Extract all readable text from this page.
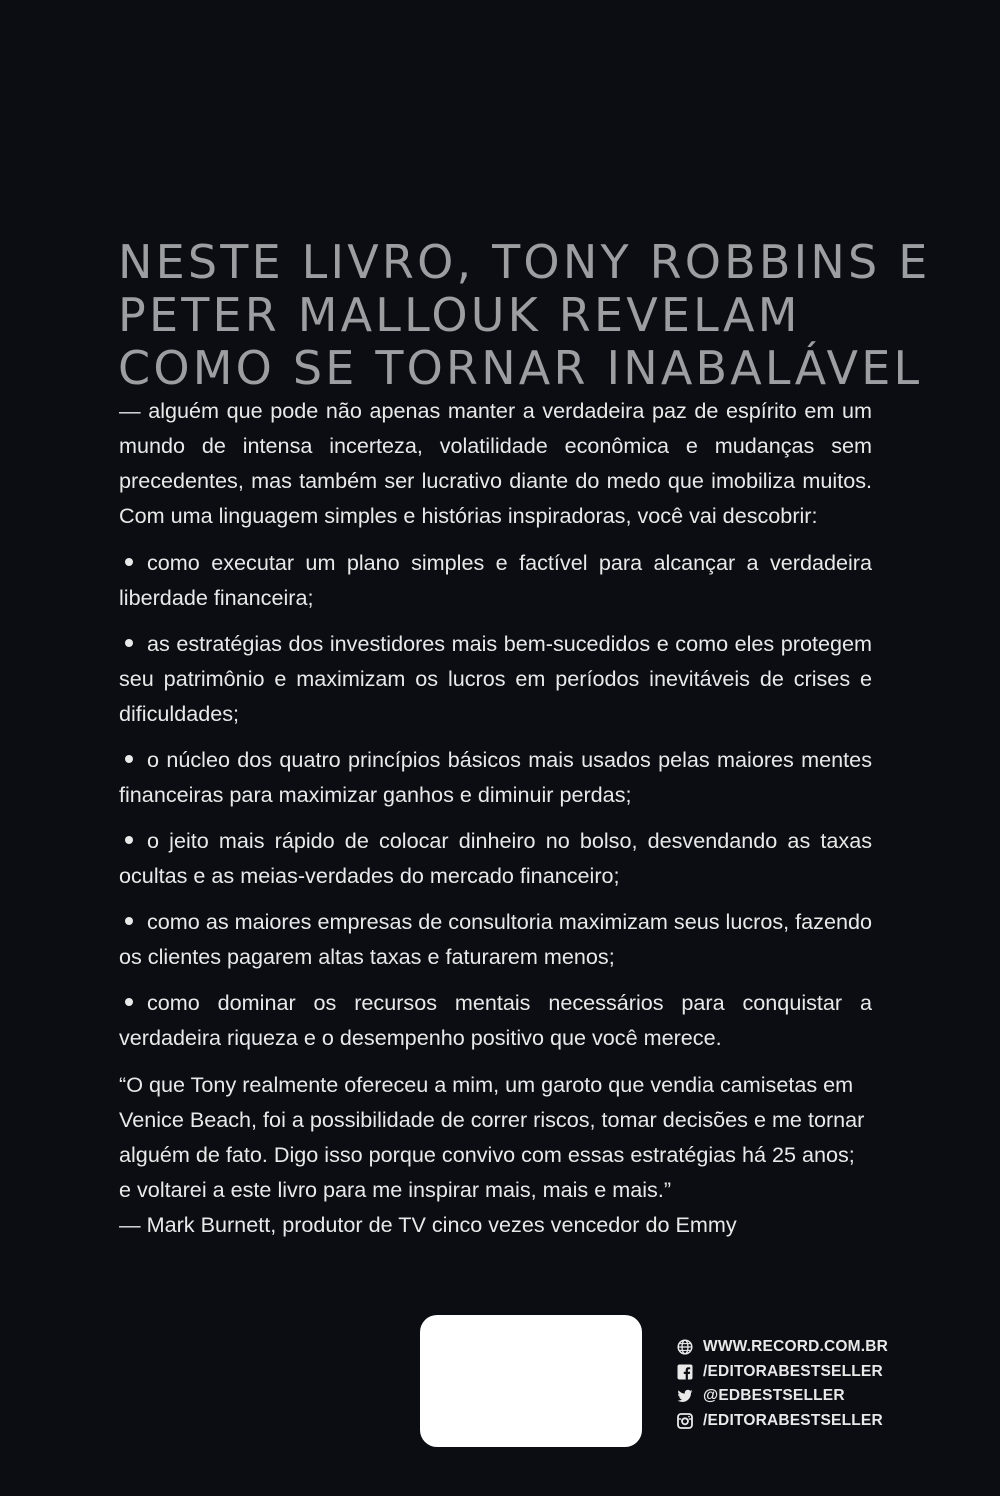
NESTE LIVRO, TONY ROBBINS E
PETER MALLOUK REVELAM
COMO SE TORNAR INABALÁVEL

— alguém que pode não apenas manter a verdadeira paz de espírito em um mundo de intensa incerteza, volatilidade econômica e mudanças sem precedentes, mas também ser lucrativo diante do medo que imobiliza muitos. Com uma linguagem simples e histórias inspiradoras, você vai descobrir:

como executar um plano simples e factível para alcançar a verdadeira liberdade financeira;
as estratégias dos investidores mais bem-sucedidos e como eles protegem seu patrimônio e maximizam os lucros em períodos inevitáveis de crises e dificuldades;
o núcleo dos quatro princípios básicos mais usados pelas maiores mentes financeiras para maximizar ganhos e diminuir perdas;
o jeito mais rápido de colocar dinheiro no bolso, desvendando as taxas ocultas e as meias-verdades do mercado financeiro;
como as maiores empresas de consultoria maximizam seus lucros, fazendo os clientes pagarem altas taxas e faturarem menos;
como dominar os recursos mentais necessários para conquistar a verdadeira riqueza e o desempenho positivo que você merece.

“O que Tony realmente ofereceu a mim, um garoto que vendia camisetas em Venice Beach, foi a possibilidade de correr riscos, tomar decisões e me tornar alguém de fato. Digo isso porque convivo com essas estratégias há 25 anos; e voltarei a este livro para me inspirar mais, mais e mais.”

— Mark Burnett, produtor de TV cinco vezes vencedor do Emmy

WWW.RECORD.COM.BR
/EDITORABESTSELLER
@EDBESTSELLER
/EDITORABESTSELLER
